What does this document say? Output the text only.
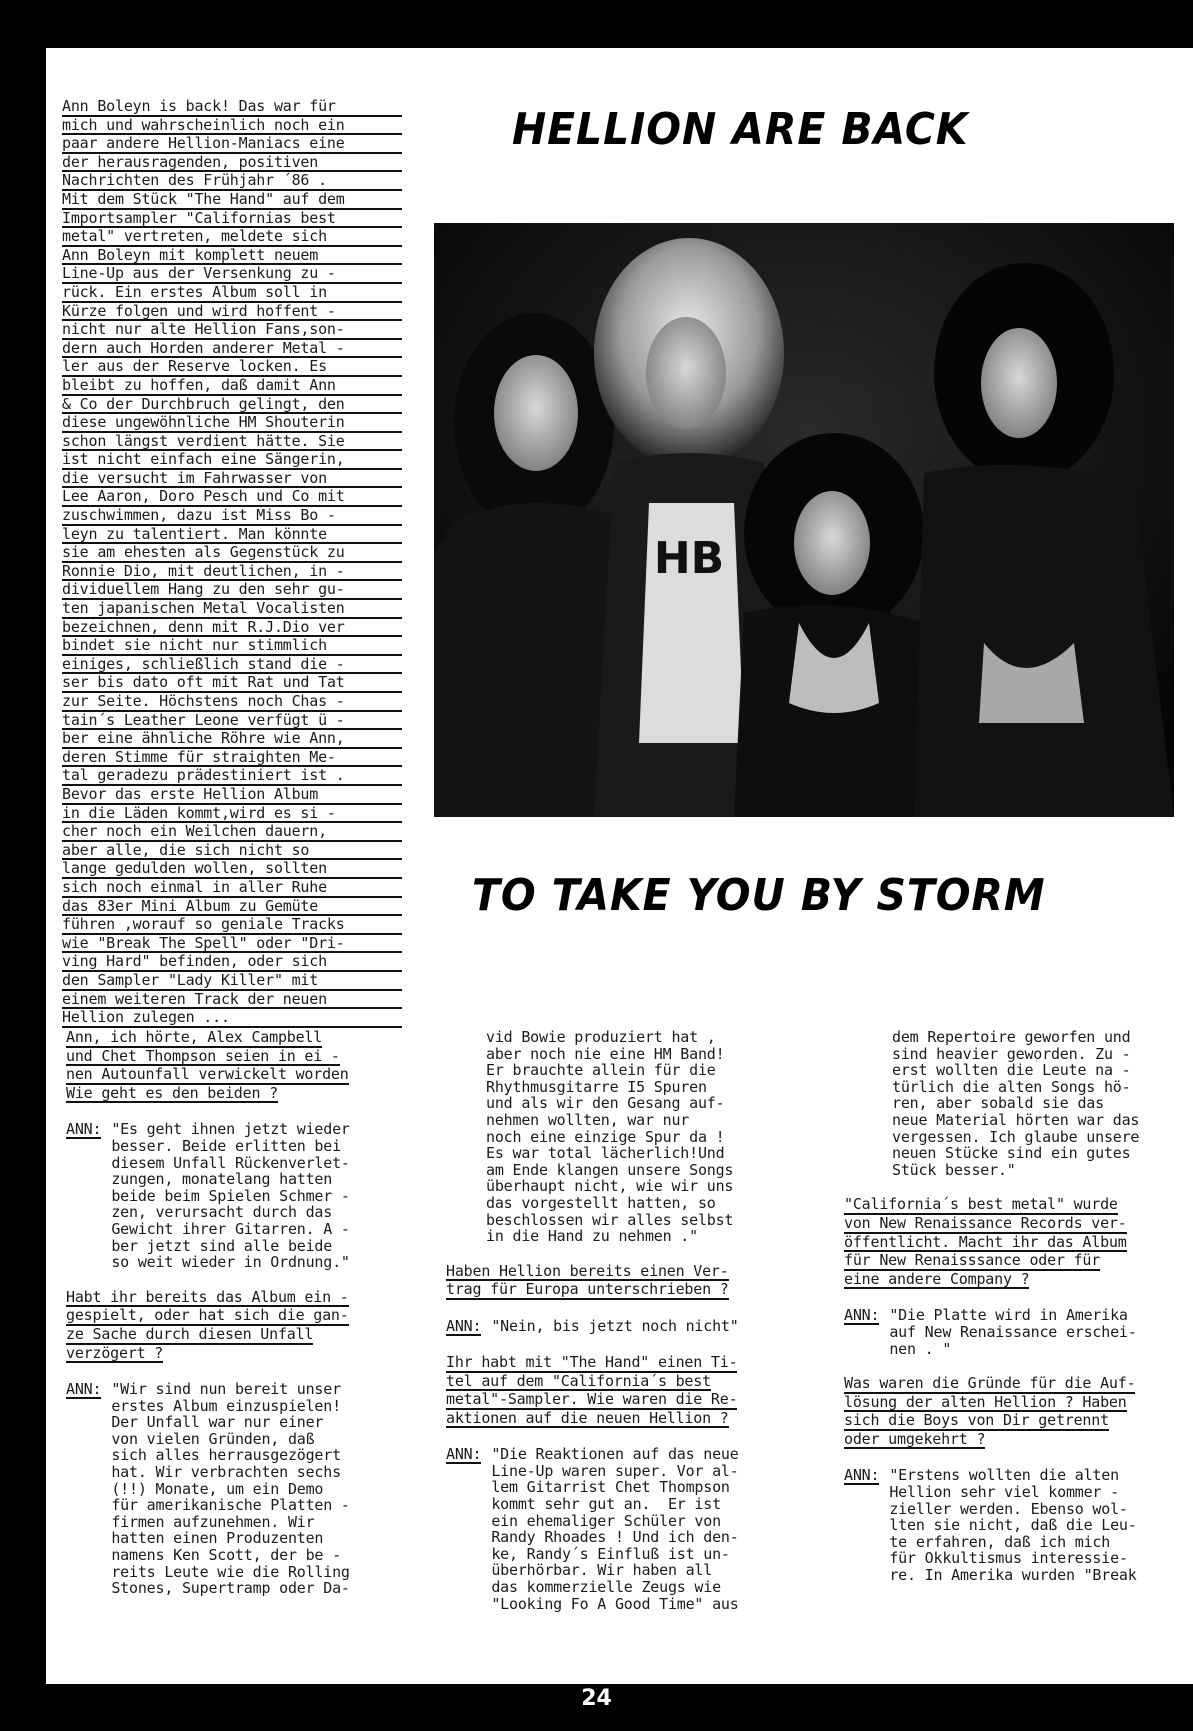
Ann Boleyn is back! Das war für
mich und wahrscheinlich noch ein
paar andere Hellion-Maniacs eine
der herausragenden, positiven
Nachrichten des Frühjahr ´86 .
Mit dem Stück "The Hand" auf dem
Importsampler "Californias best
metal" vertreten, meldete sich
Ann Boleyn mit komplett neuem
Line-Up aus der Versenkung zu -
rück. Ein erstes Album soll in
Kürze folgen und wird hoffent -
nicht nur alte Hellion Fans,son-
dern auch Horden anderer Metal -
ler aus der Reserve locken. Es
bleibt zu hoffen, daß damit Ann
& Co der Durchbruch gelingt, den
diese ungewöhnliche HM Shouterin
schon längst verdient hätte. Sie
ist nicht einfach eine Sängerin,
die versucht im Fahrwasser von
Lee Aaron, Doro Pesch und Co mit
zuschwimmen, dazu ist Miss Bo -
leyn zu talentiert. Man könnte
sie am ehesten als Gegenstück zu
Ronnie Dio, mit deutlichen, in -
dividuellem Hang zu den sehr gu-
ten japanischen Metal Vocalisten
bezeichnen, denn mit R.J.Dio ver
bindet sie nicht nur stimmlich
einiges, schließlich stand die -
ser bis dato oft mit Rat und Tat
zur Seite. Höchstens noch Chas -
tain´s Leather Leone verfügt ü -
ber eine ähnliche Röhre wie Ann,
deren Stimme für straighten Me-
tal geradezu prädestiniert ist .
Bevor das erste Hellion Album
in die Läden kommt,wird es si -
cher noch ein Weilchen dauern,
aber alle, die sich nicht so
lange gedulden wollen, sollten
sich noch einmal in aller Ruhe
das 83er Mini Album zu Gemüte
führen ,worauf so geniale Tracks
wie "Break The Spell" oder "Dri-
ving Hard" befinden, oder sich
den Sampler "Lady Killer" mit
einem weiteren Track der neuen
Hellion zulegen ...
HELLION ARE BACK
HB
TO TAKE YOU BY STORM
Ann, ich hörte, Alex Campbell
und Chet Thompson seien in ei -
nen Autounfall verwickelt worden
Wie geht es den beiden ?
ANN: "Es geht ihnen jetzt wieder
besser. Beide erlitten bei
diesem Unfall Rückenverlet-
zungen, monatelang hatten
beide beim Spielen Schmer -
zen, verursacht durch das
Gewicht ihrer Gitarren. A -
ber jetzt sind alle beide
so weit wieder in Ordnung."
Habt ihr bereits das Album ein -
gespielt, oder hat sich die gan-
ze Sache durch diesen Unfall
verzögert ?
ANN: "Wir sind nun bereit unser
erstes Album einzuspielen!
Der Unfall war nur einer
von vielen Gründen, daß
sich alles herrausgezögert
hat. Wir verbrachten sechs
(!!) Monate, um ein Demo
für amerikanische Platten -
firmen aufzunehmen. Wir
hatten einen Produzenten
namens Ken Scott, der be -
reits Leute wie die Rolling
Stones, Supertramp oder Da-
vid Bowie produziert hat ,
aber noch nie eine HM Band!
Er brauchte allein für die
Rhythmusgitarre I5 Spuren
und als wir den Gesang auf-
nehmen wollten, war nur
noch eine einzige Spur da !
Es war total lächerlich!Und
am Ende klangen unsere Songs
überhaupt nicht, wie wir uns
das vorgestellt hatten, so
beschlossen wir alles selbst
in die Hand zu nehmen ."
Haben Hellion bereits einen Ver-
trag für Europa unterschrieben ?
ANN: "Nein, bis jetzt noch nicht"
Ihr habt mit "The Hand" einen Ti-
tel auf dem "California´s best
metal"-Sampler. Wie waren die Re-
aktionen auf die neuen Hellion ?
ANN: "Die Reaktionen auf das neue
Line-Up waren super. Vor al-
lem Gitarrist Chet Thompson
kommt sehr gut an.  Er ist
ein ehemaliger Schüler von
Randy Rhoades ! Und ich den-
ke, Randy´s Einfluß ist un-
überhörbar. Wir haben all
das kommerzielle Zeugs wie
"Looking Fo A Good Time" aus
dem Repertoire geworfen und
sind heavier geworden. Zu -
erst wollten die Leute na -
türlich die alten Songs hö-
ren, aber sobald sie das
neue Material hörten war das
vergessen. Ich glaube unsere
neuen Stücke sind ein gutes
Stück besser."
"California´s best metal" wurde
von New Renaissance Records ver-
öffentlicht. Macht ihr das Album
für New Renaisssance oder für
eine andere Company ?
ANN: "Die Platte wird in Amerika
auf New Renaissance erschei-
nen . "
Was waren die Gründe für die Auf-
lösung der alten Hellion ? Haben
sich die Boys von Dir getrennt
oder umgekehrt ?
ANN: "Erstens wollten die alten
Hellion sehr viel kommer -
zieller werden. Ebenso wol-
lten sie nicht, daß die Leu-
te erfahren, daß ich mich
für Okkultismus interessie-
re. In Amerika wurden "Break
24
